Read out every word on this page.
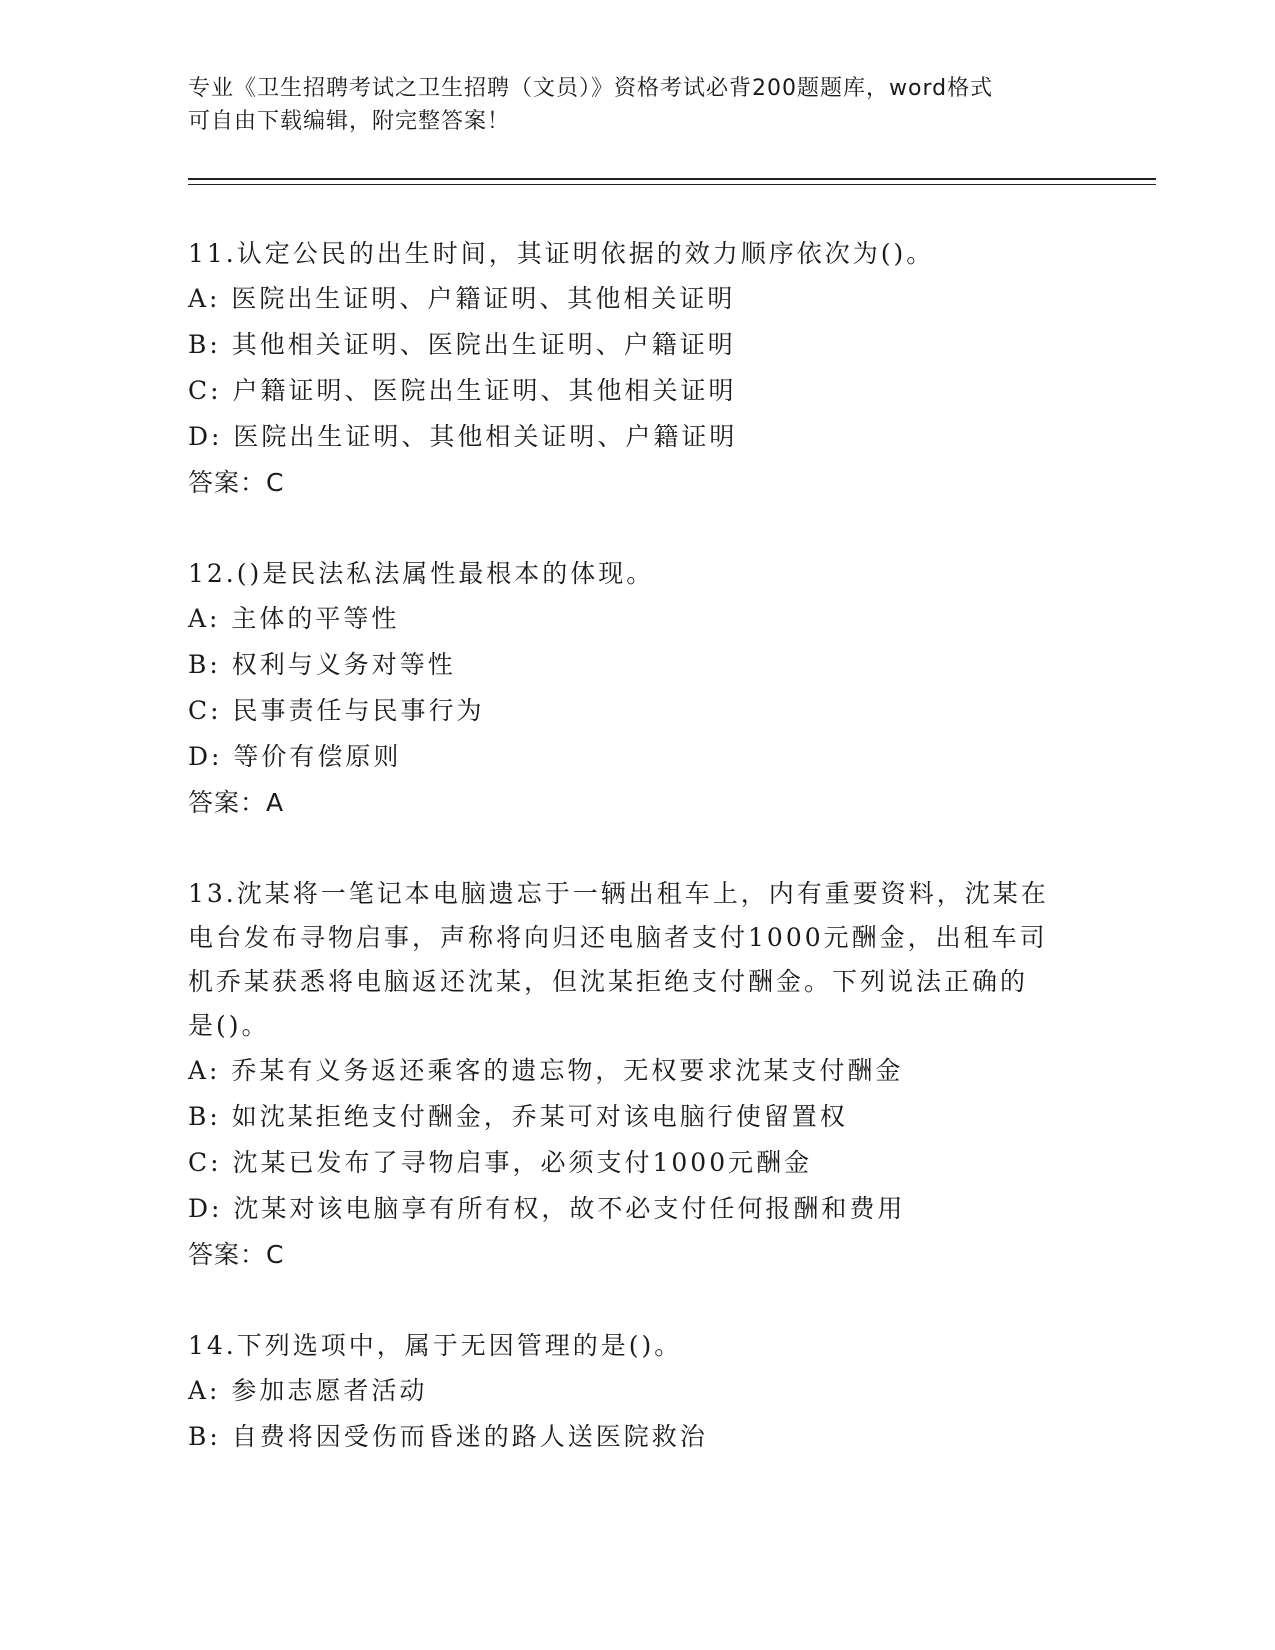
专业《卫生招聘考试之卫生招聘（文员）》资格考试必背200题题库，word格式
可自由下载编辑，附完整答案！
11.认定公民的出生时间，其证明依据的效力顺序依次为()。
A: 医院出生证明、户籍证明、其他相关证明
B: 其他相关证明、医院出生证明、户籍证明
C: 户籍证明、医院出生证明、其他相关证明
D: 医院出生证明、其他相关证明、户籍证明
答案：C
12.()是民法私法属性最根本的体现。
A: 主体的平等性
B: 权利与义务对等性
C: 民事责任与民事行为
D: 等价有偿原则
答案：A
13.沈某将一笔记本电脑遗忘于一辆出租车上，内有重要资料，沈某在
电台发布寻物启事，声称将向归还电脑者支付1000元酬金，出租车司
机乔某获悉将电脑返还沈某，但沈某拒绝支付酬金。下列说法正确的
是()。
A: 乔某有义务返还乘客的遗忘物，无权要求沈某支付酬金
B: 如沈某拒绝支付酬金，乔某可对该电脑行使留置权
C: 沈某已发布了寻物启事，必须支付1000元酬金
D: 沈某对该电脑享有所有权，故不必支付任何报酬和费用
答案：C
14.下列选项中，属于无因管理的是()。
A: 参加志愿者活动
B: 自费将因受伤而昏迷的路人送医院救治
